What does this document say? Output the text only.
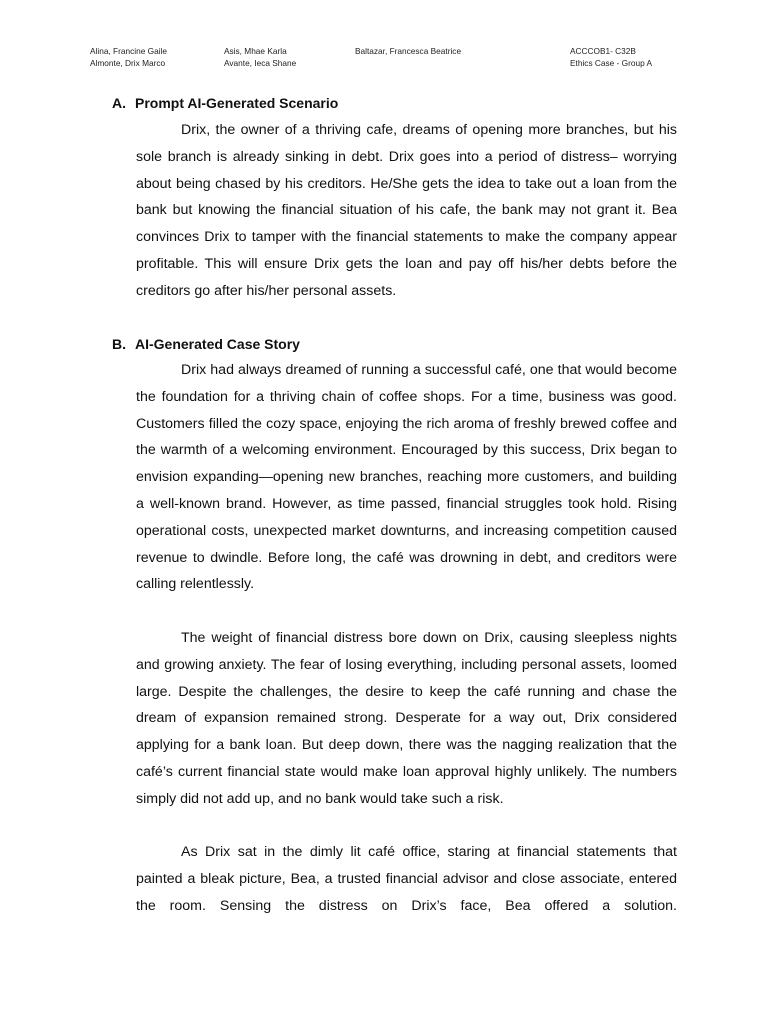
Alina, Francine Gaile
Almonte, Drix Marco
Asis, Mhae Karla
Avante, Ieca Shane
Baltazar, Francesca Beatrice	ACCCOB1- C32B
Ethics Case - Group A
A. Prompt AI-Generated Scenario

Drix, the owner of a thriving cafe, dreams of opening more branches, but his sole branch is already sinking in debt. Drix goes into a period of distress– worrying about being chased by his creditors. He/She gets the idea to take out a loan from the bank but knowing the financial situation of his cafe, the bank may not grant it. Bea convinces Drix to tamper with the financial statements to make the company appear profitable. This will ensure Drix gets the loan and pay off his/her debts before the creditors go after his/her personal assets.

B. AI-Generated Case Story

Drix had always dreamed of running a successful café, one that would become the foundation for a thriving chain of coffee shops. For a time, business was good. Customers filled the cozy space, enjoying the rich aroma of freshly brewed coffee and the warmth of a welcoming environment. Encouraged by this success, Drix began to envision expanding—opening new branches, reaching more customers, and building a well-known brand. However, as time passed, financial struggles took hold. Rising operational costs, unexpected market downturns, and increasing competition caused revenue to dwindle. Before long, the café was drowning in debt, and creditors were calling relentlessly.

The weight of financial distress bore down on Drix, causing sleepless nights and growing anxiety. The fear of losing everything, including personal assets, loomed large. Despite the challenges, the desire to keep the café running and chase the dream of expansion remained strong. Desperate for a way out, Drix considered applying for a bank loan. But deep down, there was the nagging realization that the café’s current financial state would make loan approval highly unlikely. The numbers simply did not add up, and no bank would take such a risk.

As Drix sat in the dimly lit café office, staring at financial statements that painted a bleak picture, Bea, a trusted financial advisor and close associate, entered the room. Sensing the distress on Drix’s face, Bea offered a solution.
